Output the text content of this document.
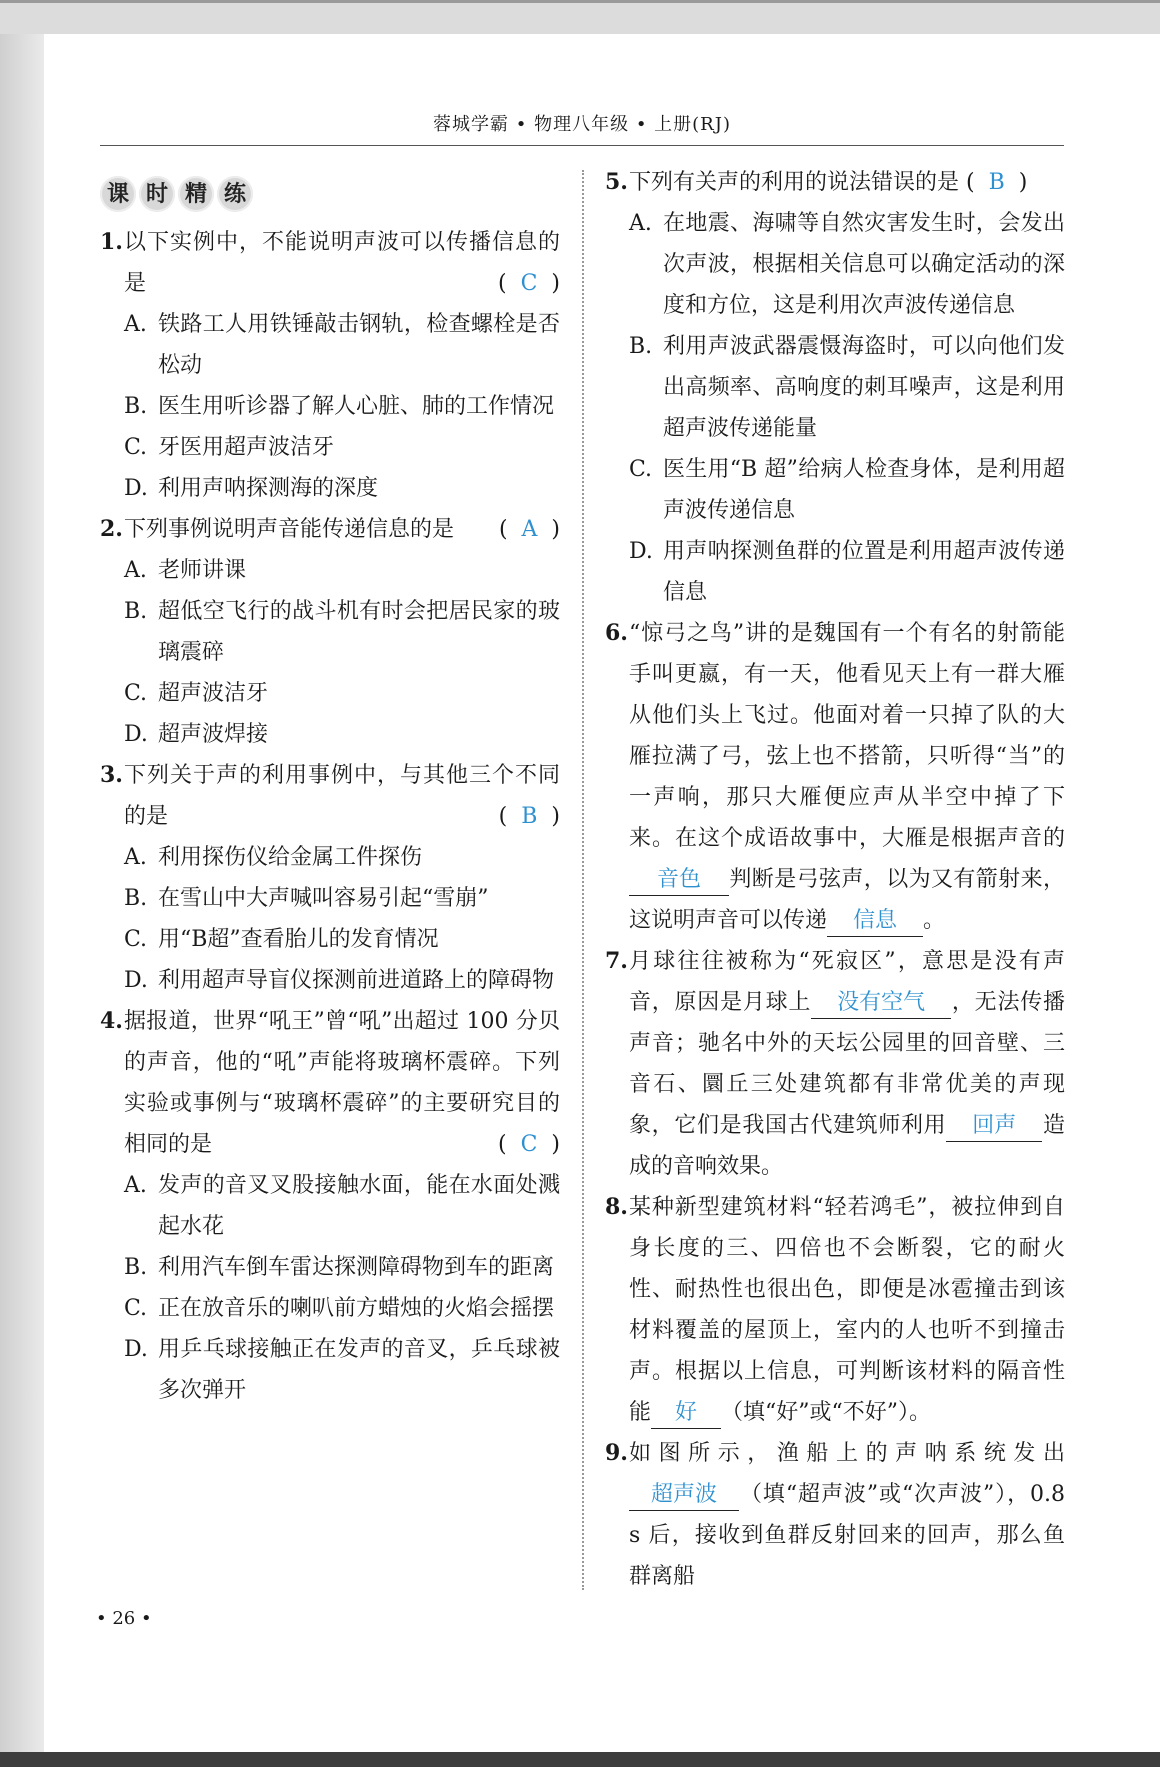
蓉城学霸 • 物理八年级 • 上册(RJ)
课 时 精 练
1. 以下实例中，不能说明声波可以传播信息的是	(  C  )
A. 铁路工人用铁锤敲击钢轨，检查螺栓是否松动
B. 医生用听诊器了解人心脏、肺的工作情况
C. 牙医用超声波洁牙
D. 利用声呐探测海的深度
2. 下列事例说明声音能传递信息的是 (  A  )
A. 老师讲课
B. 超低空飞行的战斗机有时会把居民家的玻璃震碎
C. 超声波洁牙
D. 超声波焊接
3. 下列关于声的利用事例中，与其他三个不同的是	(  B  )
A. 利用探伤仪给金属工件探伤
B. 在雪山中大声喊叫容易引起“雪崩”
C. 用“B超”查看胎儿的发育情况
D. 利用超声导盲仪探测前进道路上的障碍物
4. 据报道，世界“吼王”曾“吼”出超过 100 分贝的声音，他的“吼”声能将玻璃杯震碎。下列实验或事例与“玻璃杯震碎”的主要研究目的相同的是	(  C  )
A. 发声的音叉叉股接触水面，能在水面处溅起水花
B. 利用汽车倒车雷达探测障碍物到车的距离
C. 正在放音乐的喇叭前方蜡烛的火焰会摇摆
D. 用乒乓球接触正在发声的音叉，乒乓球被多次弹开
5. 下列有关声的利用的说法错误的是 (  B  )
A. 在地震、海啸等自然灾害发生时，会发出次声波，根据相关信息可以确定活动的深度和方位，这是利用次声波传递信息
B. 利用声波武器震慑海盗时，可以向他们发出高频率、高响度的刺耳噪声，这是利用超声波传递能量
C. 医生用“B 超”给病人检查身体，是利用超声波传递信息
D. 用声呐探测鱼群的位置是利用超声波传递信息
6. “惊弓之鸟”讲的是魏国有一个有名的射箭能手叫更嬴，有一天，他看见天上有一群大雁从他们头上飞过。他面对着一只掉了队的大雁拉满了弓，弦上也不搭箭，只听得“当”的一声响，那只大雁便应声从半空中掉了下来。在这个成语故事中，大雁是根据声音的音色 判断是弓弦声，以为又有箭射来，这说明声音可以传递 信息 。
7. 月球往往被称为“死寂区”，意思是没有声音，原因是月球上 没有空气 ，无法传播声音；驰名中外的天坛公园里的回音壁、三音石、圜丘三处建筑都有非常优美的声现象，它们是我国古代建筑师利用 回声 造成的音响效果。
8. 某种新型建筑材料“轻若鸿毛”，被拉伸到自身长度的三、四倍也不会断裂，它的耐火性、耐热性也很出色，即便是冰雹撞击到该材料覆盖的屋顶上，室内的人也听不到撞击声。根据以上信息，可判断该材料的隔音性能 好 （填“好”或“不好”）。
9. 如图所示，渔船上的声呐系统发出超声波 （填“超声波”或“次声波”），0.8 s 后，接收到鱼群反射回来的回声，那么鱼群离船
• 26 •
